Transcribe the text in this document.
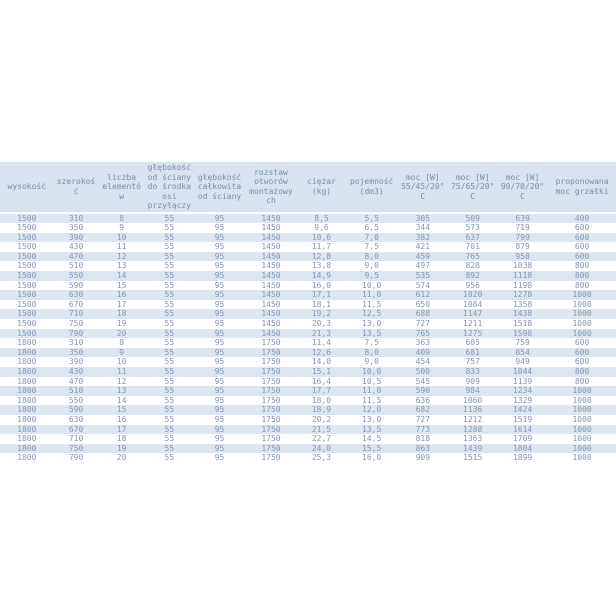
wysokość	szerokość	liczba elementów	głębokość od ściany do środka osi przyłączy	głębokość całkowita od ściany	rozstaw otworów montażowych	ciężar (kg)	pojemność (dm3)	moc [W] 55/45/20°C	moc [W] 75/65/20°C	moc [W] 90/70/20°C	proponowana moc grzałki
1500	310	8	55	95	1450	8,5	5,5	305	509	639	400
1500	350	9	55	95	1450	9,6	6,5	344	573	719	600
1500	390	10	55	95	1450	10,6	7,0	382	637	799	600
1500	430	11	55	95	1450	11,7	7,5	421	701	879	600
1500	470	12	55	95	1450	12,8	8,0	459	765	958	600
1500	510	13	55	95	1450	13,8	9,0	497	828	1038	800
1500	550	14	55	95	1450	14,9	9,5	535	892	1118	800
1500	590	15	55	95	1450	16,0	10,0	574	956	1198	800
1500	630	16	55	95	1450	17,1	11,0	612	1020	1278	1000
1500	670	17	55	95	1450	18,1	11,5	650	1084	1358	1000
1500	710	18	55	95	1450	19,2	12,5	688	1147	1438	1000
1500	750	19	55	95	1450	20,3	13,0	727	1211	1518	1000
1500	790	20	55	95	1450	21,3	13,5	765	1275	1598	1000
1800	310	8	55	95	1750	11,4	7,5	363	605	759	600
1800	350	9	55	95	1750	12,6	8,0	409	681	854	600
1800	390	10	55	95	1750	14,0	9,0	454	757	949	600
1800	430	11	55	95	1750	15,1	10,0	500	833	1044	800
1800	470	12	55	95	1750	16,4	10,5	545	909	1139	800
1800	510	13	55	95	1750	17,7	11,0	590	984	1234	1000
1800	550	14	55	95	1750	18,0	11,5	636	1060	1329	1000
1800	590	15	55	95	1750	18,9	12,0	682	1136	1424	1000
1800	630	16	55	95	1750	20,2	13,0	727	1212	1519	1000
1800	670	17	55	95	1750	21,5	13,5	773	1288	1614	1000
1800	710	18	55	95	1750	22,7	14,5	818	1363	1709	1000
1800	750	19	55	95	1750	24,0	15,5	863	1439	1804	1000
1800	790	20	55	95	1750	25,3	16,0	909	1515	1899	1000
